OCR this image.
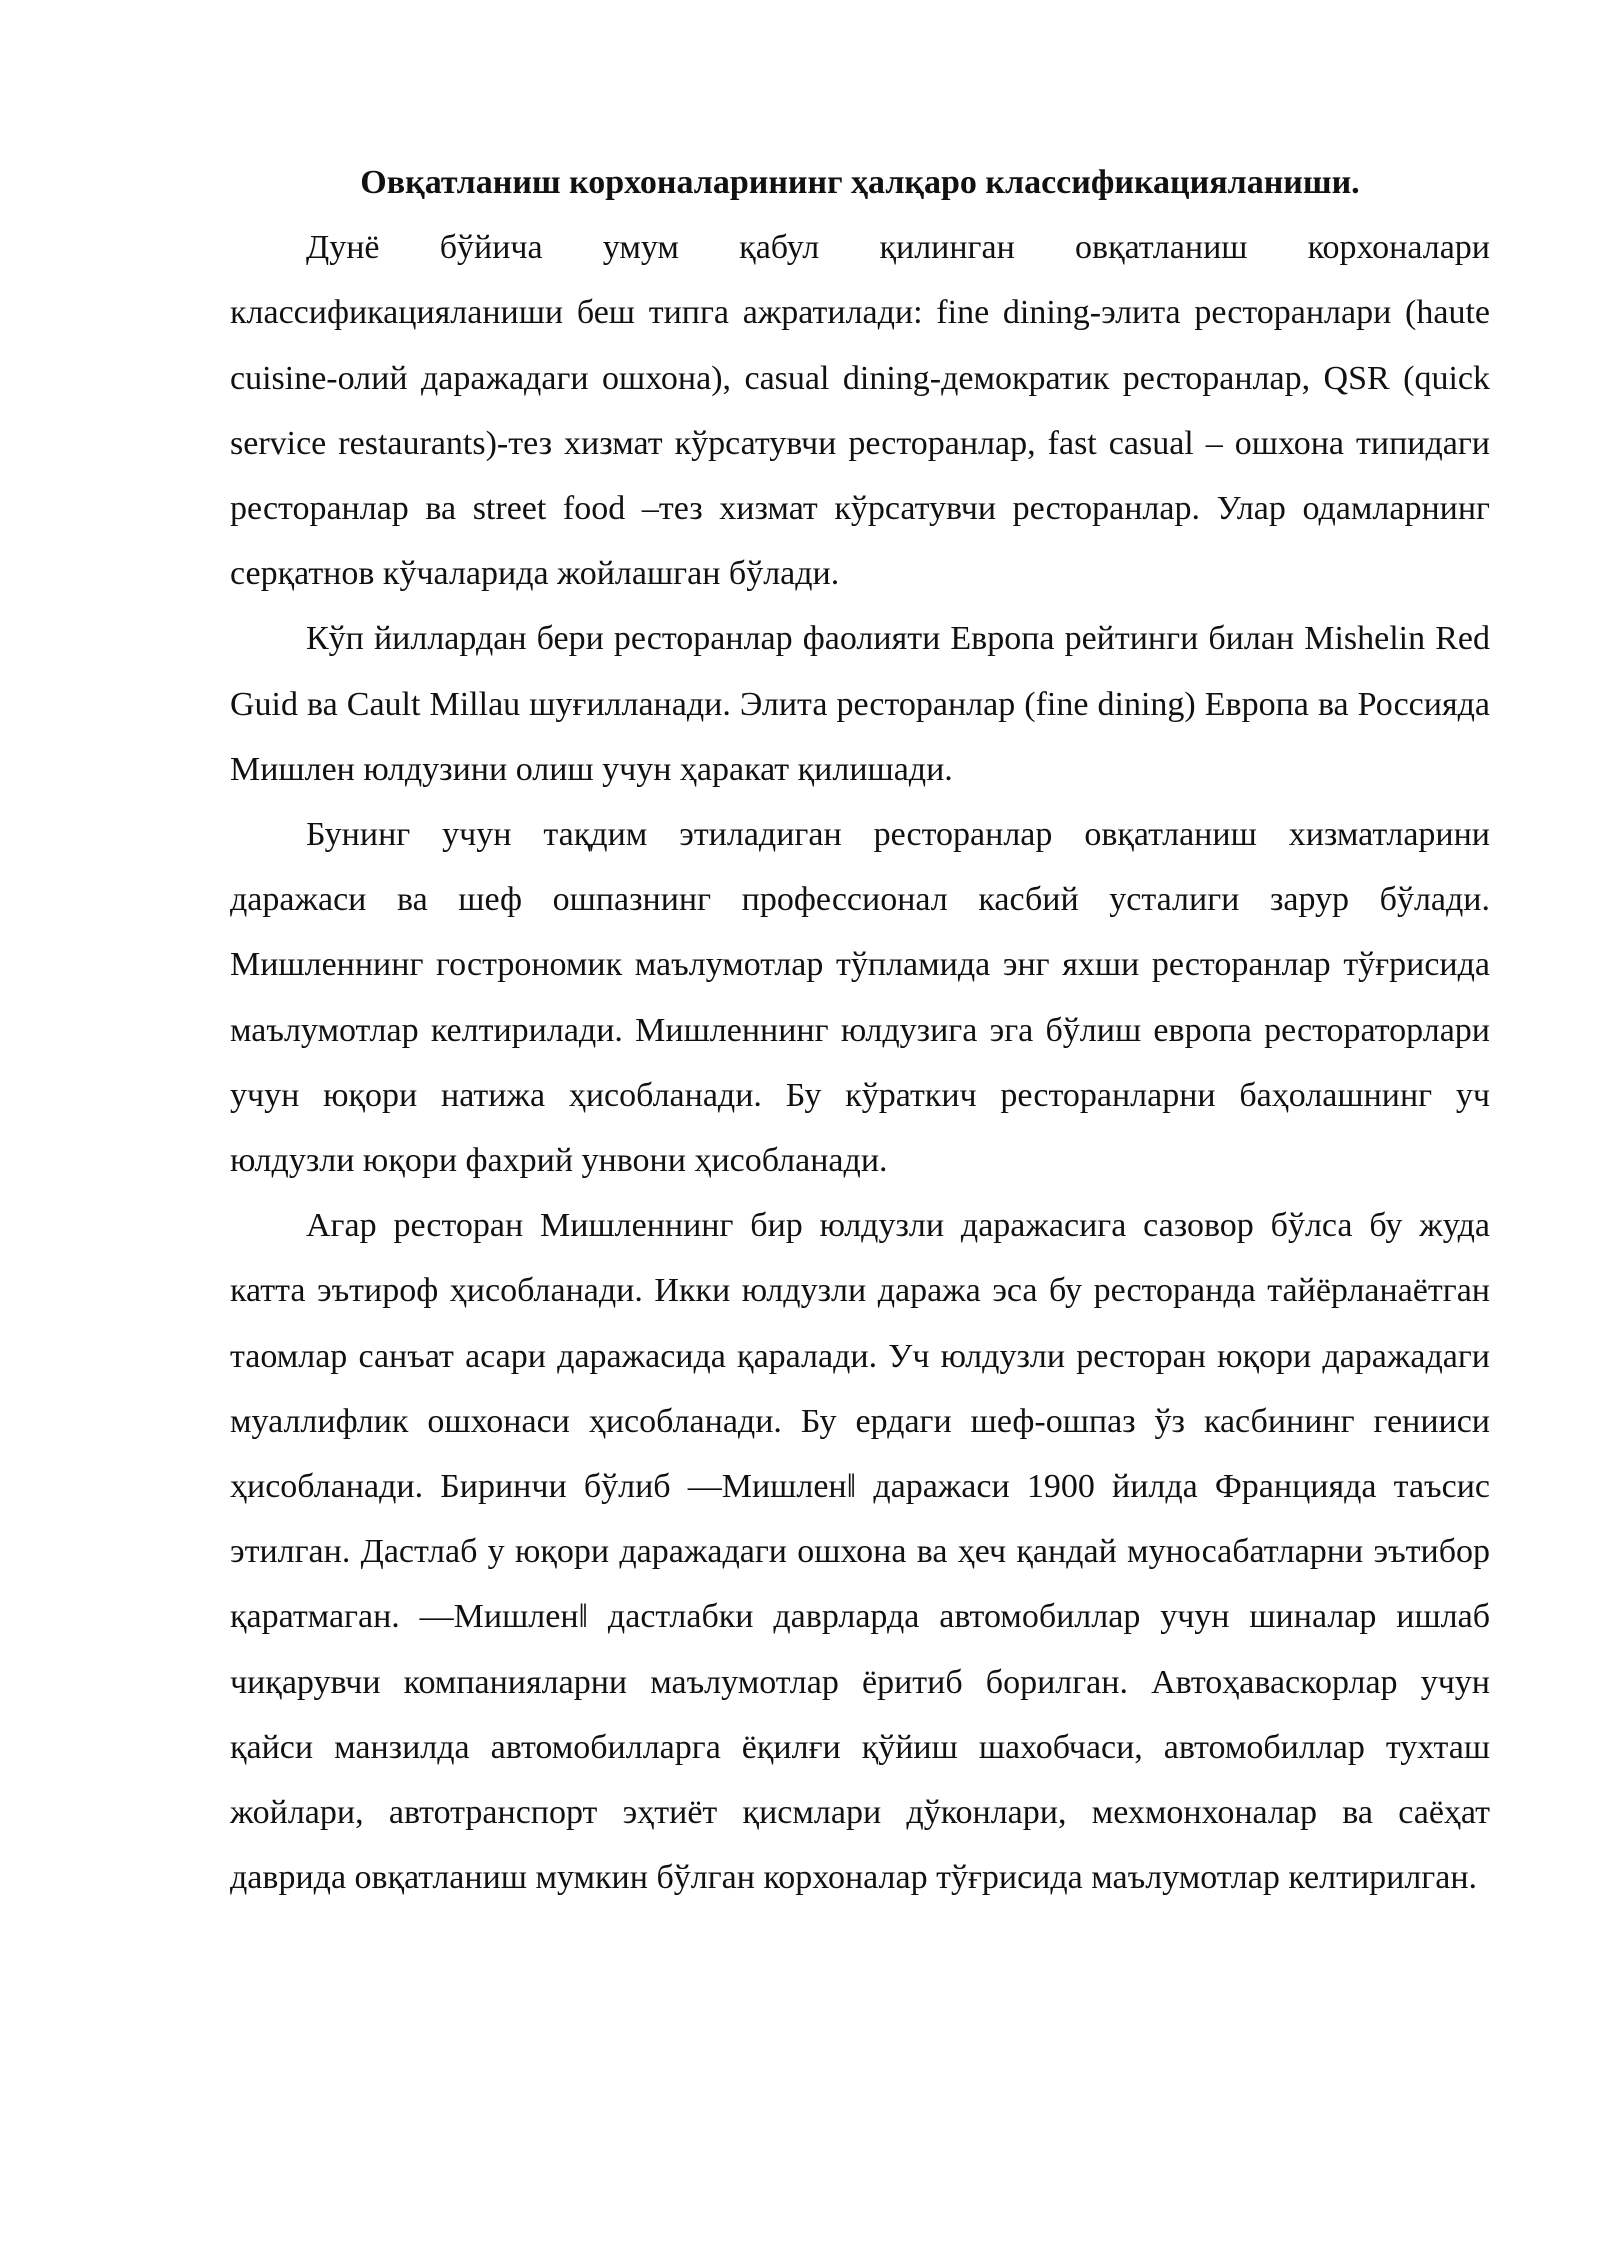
Овқатланиш корхоналарининг ҳалқаро классификацияланиши.

Дунё бўйича умум қабул қилинган овқатланиш корхоналари классификацияланиши беш типга ажратилади: fine dining-элита ресторанлари (haute cuisine-олий даражадаги ошхона), casual dining-демократик ресторанлар, QSR (quick service restaurants)-тез хизмат кўрсатувчи ресторанлар, fast casual – ошхона типидаги ресторанлар ва street food –тез хизмат кўрсатувчи ресторанлар. Улар одамларнинг серқатнов кўчаларида жойлашган бўлади.

Кўп йиллардан бери ресторанлар фаолияти Европа рейтинги билан Mishelin Red Guid ва Cault Millau шуғилланади. Элита ресторанлар (fine dining) Европа ва Россияда Мишлен юлдузини олиш учун ҳаракат қилишади.

Бунинг учун тақдим этиладиган ресторанлар овқатланиш хизматларини даражаси ва шеф ошпазнинг профессионал касбий усталиги зарур бўлади. Мишленнинг гострономик маълумотлар тўпламида энг яхши ресторанлар тўғрисида маълумотлар келтирилади. Мишленнинг юлдузига эга бўлиш европа рестораторлари учун юқори натижа ҳисобланади. Бу кўраткич ресторанларни баҳолашнинг уч юлдузли юқори фахрий унвони ҳисобланади.

Агар ресторан Мишленнинг бир юлдузли даражасига сазовор бўлса бу жуда катта эътироф ҳисобланади. Икки юлдузли даража эса бу ресторанда тайёрланаётган таомлар санъат асари даражасида қаралади. Уч юлдузли ресторан юқори даражадаги муаллифлик ошхонаси ҳисобланади. Бу ердаги шеф-ошпаз ўз касбининг генииси ҳисобланади. Биринчи бўлиб ―Мишлен‖ даражаси 1900 йилда Францияда таъсис этилган. Дастлаб у юқори даражадаги ошхона ва ҳеч қандай муносабатларни эътибор қаратмаган. ―Мишлен‖ дастлабки даврларда автомобиллар учун шиналар ишлаб чиқарувчи компанияларни маълумотлар ёритиб борилган. Автоҳаваскорлар учун қайси манзилда автомобилларга ёқилғи қўйиш шахобчаси, автомобиллар тухташ жойлари, автотранспорт эҳтиёт қисмлари дўконлари, мехмонхоналар ва саёҳат даврида овқатланиш мумкин бўлган корхоналар тўғрисида маълумотлар келтирилган.
